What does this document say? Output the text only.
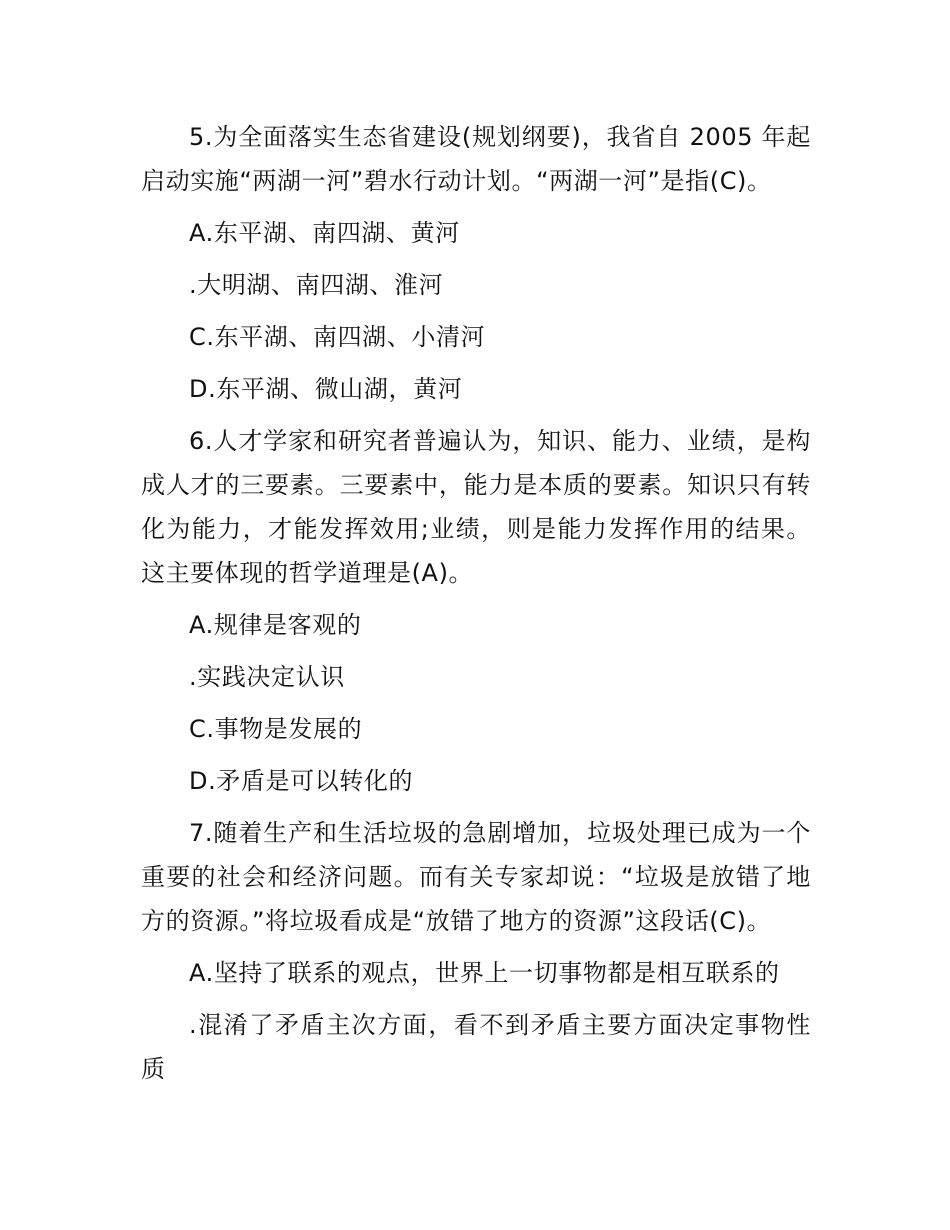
5.为全面落实生态省建设(规划纲要)，我省自 2005 年起启动实施“两湖一河”碧水行动计划。“两湖一河”是指(C)。

A.东平湖、南四湖、黄河

.大明湖、南四湖、淮河

C.东平湖、南四湖、小清河

D.东平湖、微山湖，黄河

6.人才学家和研究者普遍认为，知识、能力、业绩，是构成人才的三要素。三要素中，能力是本质的要素。知识只有转化为能力，才能发挥效用;业绩，则是能力发挥作用的结果。这主要体现的哲学道理是(A)。

A.规律是客观的

.实践决定认识

C.事物是发展的

D.矛盾是可以转化的

7.随着生产和生活垃圾的急剧增加，垃圾处理已成为一个重要的社会和经济问题。而有关专家却说：“垃圾是放错了地方的资源。”将垃圾看成是“放错了地方的资源”这段话(C)。

A.坚持了联系的观点，世界上一切事物都是相互联系的

.混淆了矛盾主次方面，看不到矛盾主要方面决定事物性质
